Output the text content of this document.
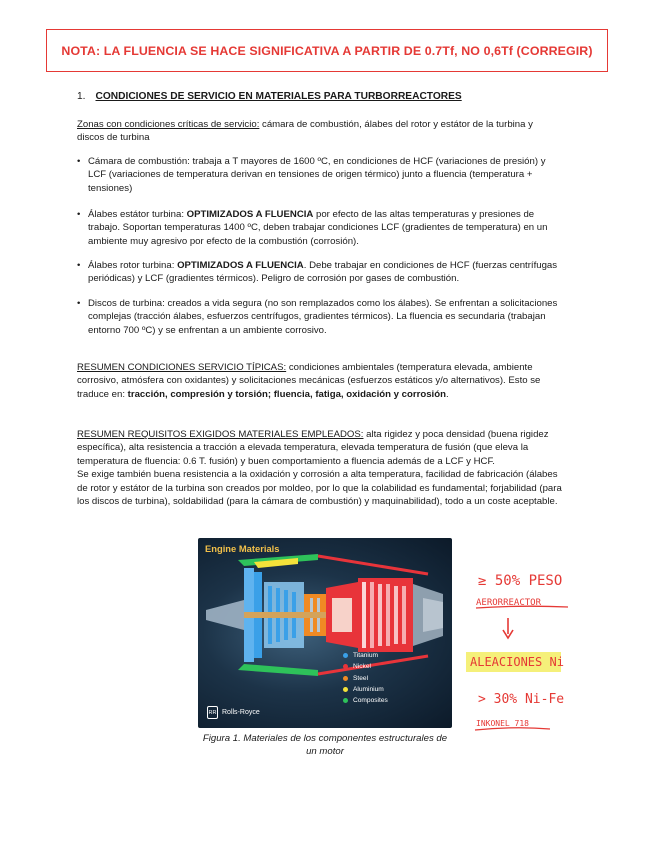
NOTA: LA FLUENCIA SE HACE SIGNIFICATIVA A PARTIR DE 0.7Tf, NO 0,6Tf (CORREGIR)
1. CONDICIONES DE SERVICIO EN MATERIALES PARA TURBORREACTORES
Zonas con condiciones críticas de servicio: cámara de combustión, álabes del rotor y estátor de la turbina y discos de turbina
• Cámara de combustión: trabaja a T mayores de 1600 ºC, en condiciones de HCF (variaciones de presión) y LCF (variaciones de temperatura derivan en tensiones de origen térmico) junto a fluencia (temperatura + tensiones)
• Álabes estátor turbina: OPTIMIZADOS A FLUENCIA por efecto de las altas temperaturas y presiones de trabajo. Soportan temperaturas 1400 ºC, deben trabajar condiciones LCF (gradientes de temperatura) en un ambiente muy agresivo por efecto de la combustión (corrosión).
• Álabes rotor turbina: OPTIMIZADOS A FLUENCIA. Debe trabajar en condiciones de HCF (fuerzas centrífugas periódicas) y LCF (gradientes térmicos). Peligro de corrosión por gases de combustión.
• Discos de turbina: creados a vida segura (no son remplazados como los álabes). Se enfrentan a solicitaciones complejas (tracción álabes, esfuerzos centrífugos, gradientes térmicos). La fluencia es secundaria (trabajan entorno 700 ºC) y se enfrentan a un ambiente corrosivo.
RESUMEN CONDICIONES SERVICIO TÍPICAS: condiciones ambientales (temperatura elevada, ambiente corrosivo, atmósfera con oxidantes) y solicitaciones mecánicas (esfuerzos estáticos y/o alternativos). Esto se traduce en: tracción, compresión y torsión; fluencia, fatiga, oxidación y corrosión.
RESUMEN REQUISITOS EXIGIDOS MATERIALES EMPLEADOS: alta rigidez y poca densidad (buena rigidez específica), alta resistencia a tracción a elevada temperatura, elevada temperatura de fusión (que eleva la temperatura de fluencia: 0.6 T. fusión) y buen comportamiento a fluencia además de a LCF y HCF.
Se exige también buena resistencia a la oxidación y corrosión a alta temperatura, facilidad de fabricación (álabes de rotor y estátor de la turbina son creados por moldeo, por lo que la colabilidad es fundamental; forjabilidad (para los discos de turbina), soldabilidad (para la cámara de combustión) y maquinabilidad), todo a un coste aceptable.
Engine Materials
Titanium
Nickel
Steel
Aluminium
Composites
RR Rolls-Royce
Figura 1. Materiales de los componentes estructurales de un motor
≥ 50% PESO
AERORREACTOR
ALEACIONES Ni
> 30% Ni-Fe
INKONEL 718
